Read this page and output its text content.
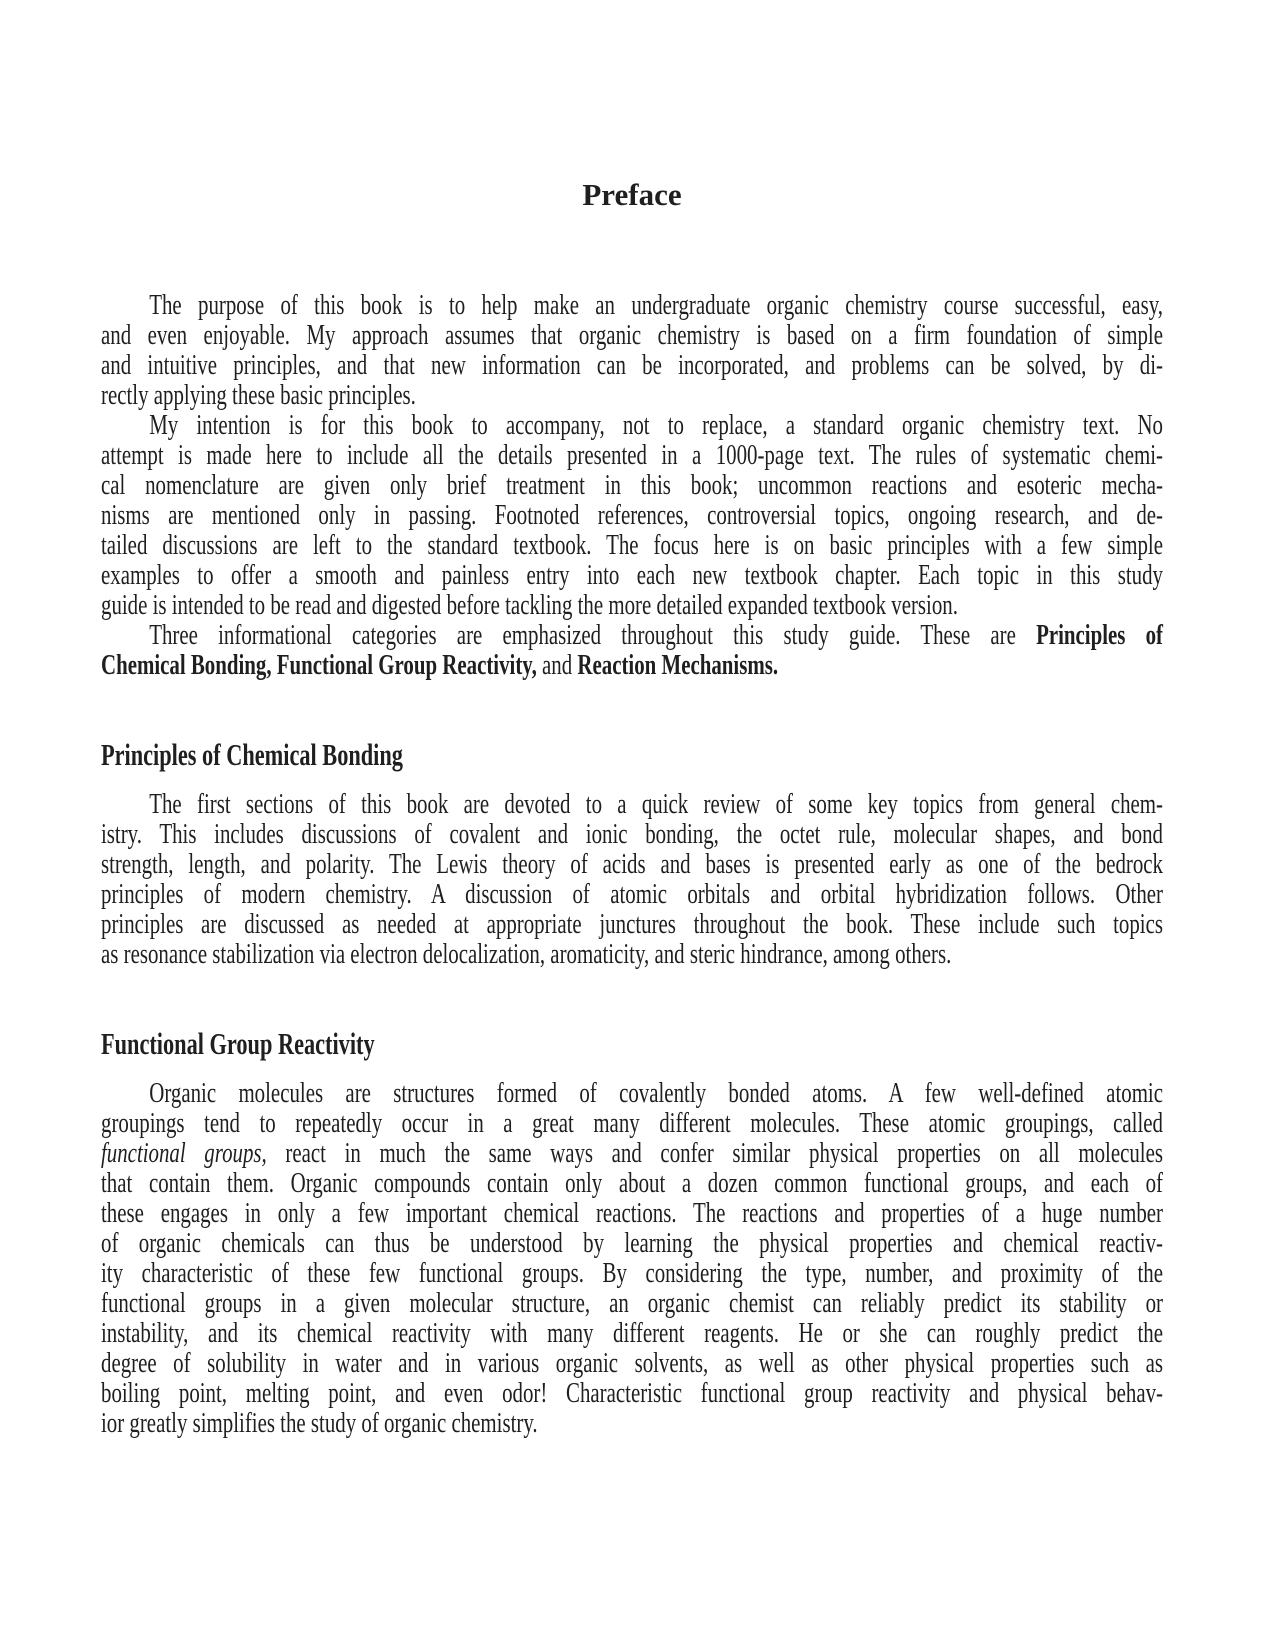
Preface
The purpose of this book is to help make an undergraduate organic chemistry course successful, easy,
and even enjoyable. My approach assumes that organic chemistry is based on a firm foundation of simple
and intuitive principles, and that new information can be incorporated, and problems can be solved, by di-
rectly applying these basic principles.
My intention is for this book to accompany, not to replace, a standard organic chemistry text. No
attempt is made here to include all the details presented in a 1000-page text. The rules of systematic chemi-
cal nomenclature are given only brief treatment in this book; uncommon reactions and esoteric mecha-
nisms are mentioned only in passing. Footnoted references, controversial topics, ongoing research, and de-
tailed discussions are left to the standard textbook. The focus here is on basic principles with a few simple
examples to offer a smooth and painless entry into each new textbook chapter. Each topic in this study
guide is intended to be read and digested before tackling the more detailed expanded textbook version.
Three informational categories are emphasized throughout this study guide. These are Principles of
Chemical Bonding, Functional Group Reactivity, and Reaction Mechanisms.
Principles of Chemical Bonding
The first sections of this book are devoted to a quick review of some key topics from general chem-
istry. This includes discussions of covalent and ionic bonding, the octet rule, molecular shapes, and bond
strength, length, and polarity. The Lewis theory of acids and bases is presented early as one of the bedrock
principles of modern chemistry. A discussion of atomic orbitals and orbital hybridization follows. Other
principles are discussed as needed at appropriate junctures throughout the book. These include such topics
as resonance stabilization via electron delocalization, aromaticity, and steric hindrance, among others.
Functional Group Reactivity
Organic molecules are structures formed of covalently bonded atoms. A few well-defined atomic
groupings tend to repeatedly occur in a great many different molecules. These atomic groupings, called
functional groups, react in much the same ways and confer similar physical properties on all molecules
that contain them. Organic compounds contain only about a dozen common functional groups, and each of
these engages in only a few important chemical reactions. The reactions and properties of a huge number
of organic chemicals can thus be understood by learning the physical properties and chemical reactiv-
ity characteristic of these few functional groups. By considering the type, number, and proximity of the
functional groups in a given molecular structure, an organic chemist can reliably predict its stability or
instability, and its chemical reactivity with many different reagents. He or she can roughly predict the
degree of solubility in water and in various organic solvents, as well as other physical properties such as
boiling point, melting point, and even odor! Characteristic functional group reactivity and physical behav-
ior greatly simplifies the study of organic chemistry.
